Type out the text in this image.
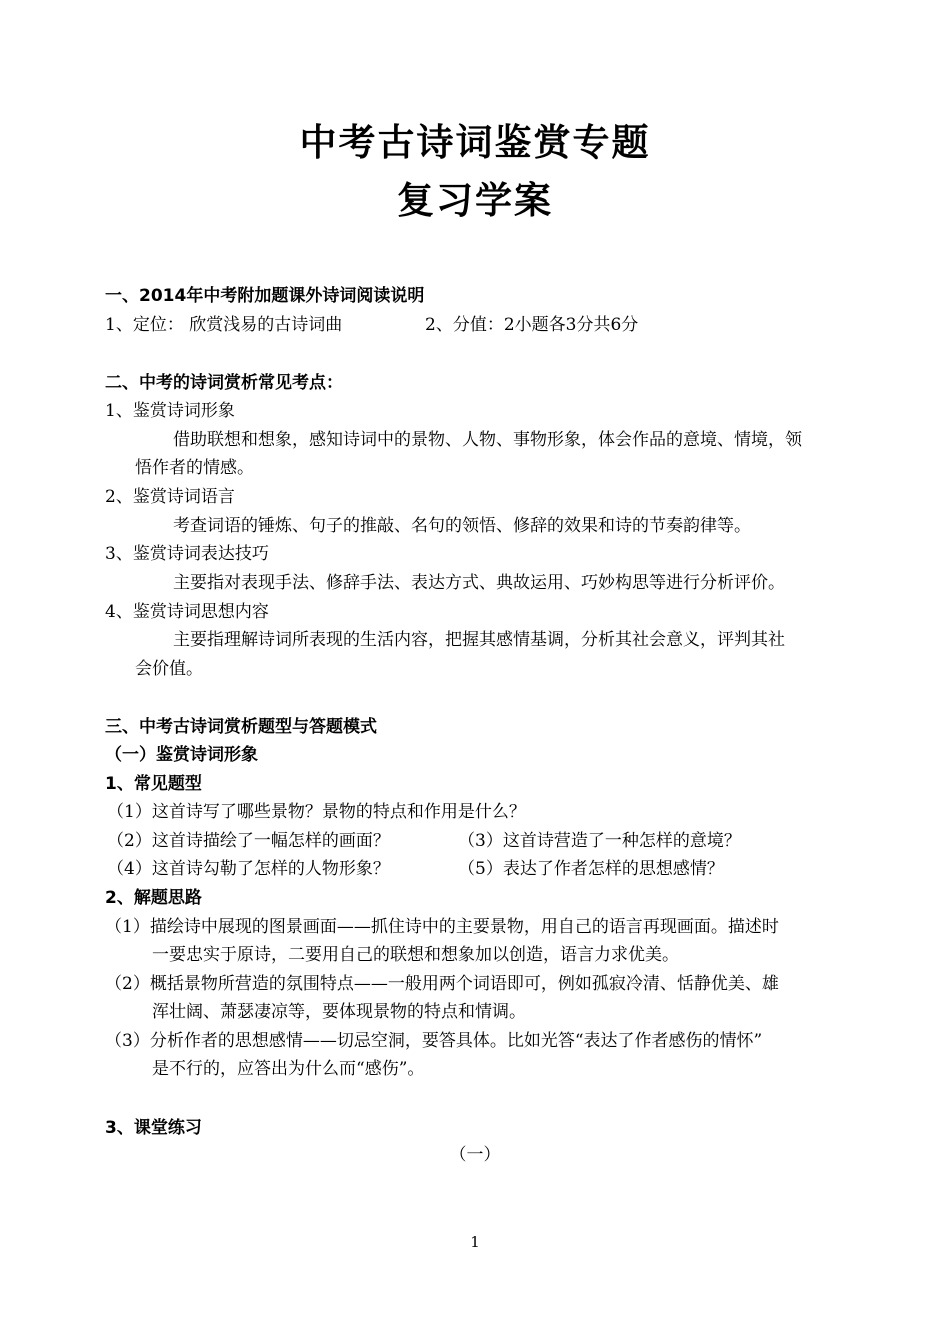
中考古诗词鉴赏专题
复习学案
一、2014年中考附加题课外诗词阅读说明
1、定位： 欣赏浅易的古诗词曲	2、分值：2小题各3分共6分
二、中考的诗词赏析常见考点：
1、鉴赏诗词形象
借助联想和想象，感知诗词中的景物、人物、事物形象，体会作品的意境、情境，领
悟作者的情感。
2、鉴赏诗词语言
考查词语的锤炼、句子的推敲、名句的领悟、修辞的效果和诗的节奏韵律等。
3、鉴赏诗词表达技巧
主要指对表现手法、修辞手法、表达方式、典故运用、巧妙构思等进行分析评价。
4、鉴赏诗词思想内容
主要指理解诗词所表现的生活内容，把握其感情基调，分析其社会意义，评判其社
会价值。
三、中考古诗词赏析题型与答题模式
（一）鉴赏诗词形象
1、常见题型
（1）这首诗写了哪些景物？景物的特点和作用是什么？
（2）这首诗描绘了一幅怎样的画面？	（3）这首诗营造了一种怎样的意境？
（4）这首诗勾勒了怎样的人物形象？	（5）表达了作者怎样的思想感情？
2、解题思路
（1）描绘诗中展现的图景画面——抓住诗中的主要景物，用自己的语言再现画面。描述时
一要忠实于原诗，二要用自己的联想和想象加以创造，语言力求优美。
（2）概括景物所营造的氛围特点——一般用两个词语即可，例如孤寂冷清、恬静优美、雄
浑壮阔、萧瑟凄凉等，要体现景物的特点和情调。
（3）分析作者的思想感情——切忌空洞，要答具体。比如光答“表达了作者感伤的情怀”
是不行的，应答出为什么而“感伤”。
3、课堂练习
（一）
1
